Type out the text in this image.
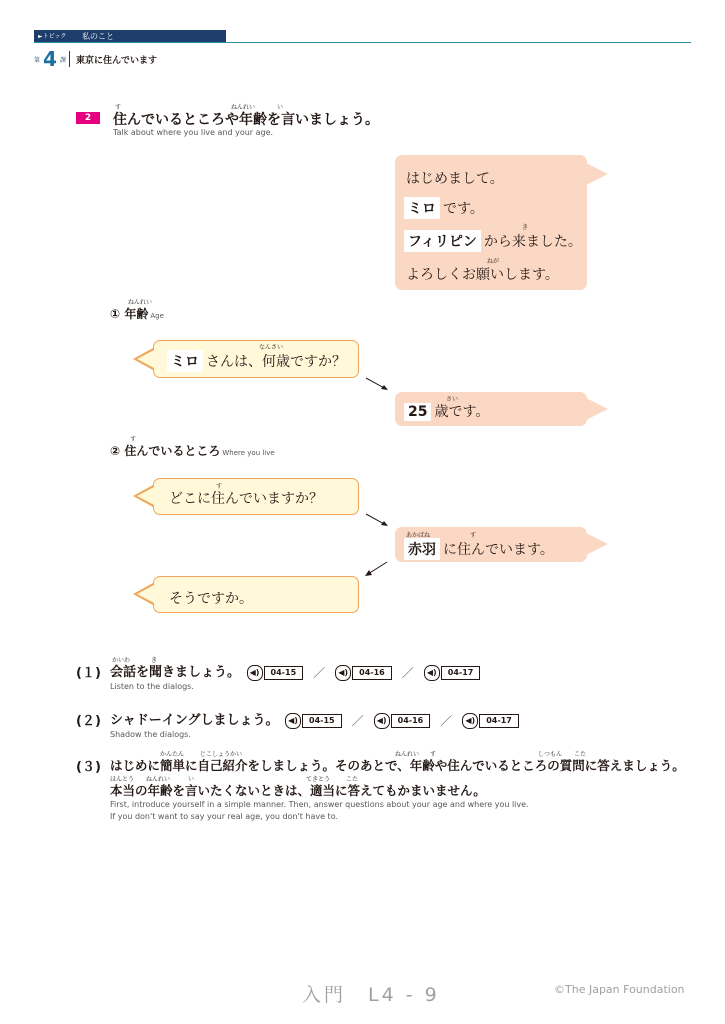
►トピック 私のこと
第 4 課 東京に住んでいます
2
す	ねんれい	い
住んでいるところや年齢を言いましょう。
Talk about where you live and your age.
はじめまして。
ミロ です。
き
フィリピン から来ました。
ねが
よろしくお願いします。
ねんれい
① 年齢 Age
なんさい
ミロ さんは、何歳ですか？
さい
25 歳です。
す
② 住んでいるところ Where you live
す
どこに住んでいますか？
あかばね	す
赤羽 に住んでいます。
そうですか。
(１)
かいわ	き
会話を聞きましょう。	◀)	04-15	／	◀)	04-16	／	◀)	04-17
Listen to the dialogs.
(２) シャドーイングしましょう。	◀)	04-15	／	◀)	04-16	／	◀)	04-17
Shadow the dialogs.
(３)
かんたん	じこしょうかい	ねんれい す	しつもん こた
はじめに簡単に自己紹介をしましょう。そのあとで、年齢や住んでいるところの質問に答えましょう。
ほんとう ねんれい	い	てきとう	こた
本当の年齢を言いたくないときは、適当に答えてもかまいません。
First, introduce yourself in a simple manner. Then, answer questions about your age and where you live.
If you don't want to say your real age, you don't have to.
入門　L4 - 9	©The Japan Foundation
